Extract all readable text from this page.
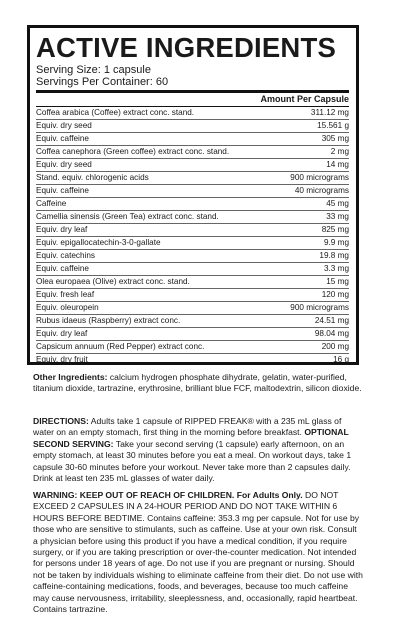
ACTIVE INGREDIENTS
Serving Size: 1 capsule
Servings Per Container: 60
Amount Per Capsule
Coffea arabica (Coffee) extract conc. stand.	311.12 mg
Equiv. dry seed	15.561 g
Equiv. caffeine	305 mg
Coffea canephora (Green coffee) extract conc. stand.	2 mg
Equiv. dry seed	14 mg
Stand. equiv. chlorogenic acids	900 micrograms
Equiv. caffeine	40 micrograms
Caffeine	45 mg
Camellia sinensis (Green Tea) extract conc. stand.	33 mg
Equiv. dry leaf	825 mg
Equiv. epigallocatechin-3-0-gallate	9.9 mg
Equiv. catechins	19.8 mg
Equiv. caffeine	3.3 mg
Olea europaea (Olive) extract conc. stand.	15 mg
Equiv. fresh leaf	120 mg
Equiv. oleuropein	900 micrograms
Rubus idaeus (Raspberry) extract conc.	24.51 mg
Equiv. dry leaf	98.04 mg
Capsicum annuum (Red Pepper) extract conc.	200 mg
Equiv. dry fruit	16 g
Other Ingredients: calcium hydrogen phosphate dihydrate, gelatin, water-purified, titanium dioxide, tartrazine, erythrosine, brilliant blue FCF, maltodextrin, silicon dioxide.
DIRECTIONS: Adults take 1 capsule of RIPPED FREAK® with a 235 mL glass of water on an empty stomach, first thing in the morning before breakfast. OPTIONAL SECOND SERVING: Take your second serving (1 capsule) early afternoon, on an empty stomach, at least 30 minutes before you eat a meal. On workout days, take 1 capsule 30-60 minutes before your workout. Never take more than 2 capsules daily. Drink at least ten 235 mL glasses of water daily.
WARNING: KEEP OUT OF REACH OF CHILDREN. For Adults Only. DO NOT EXCEED 2 CAPSULES IN A 24-HOUR PERIOD AND DO NOT TAKE WITHIN 6 HOURS BEFORE BEDTIME. Contains caffeine: 353.3 mg per capsule. Not for use by those who are sensitive to stimulants, such as caffeine. Use at your own risk. Consult a physician before using this product if you have a medical condition, if you require surgery, or if you are taking prescription or over-the-counter medication. Not intended for persons under 18 years of age. Do not use if you are pregnant or nursing. Should not be taken by individuals wishing to eliminate caffeine from their diet. Do not use with caffeine-containing medications, foods, and beverages, because too much caffeine may cause nervousness, irritability, sleeplessness, and, occasionally, rapid heartbeat. Contains tartrazine.
